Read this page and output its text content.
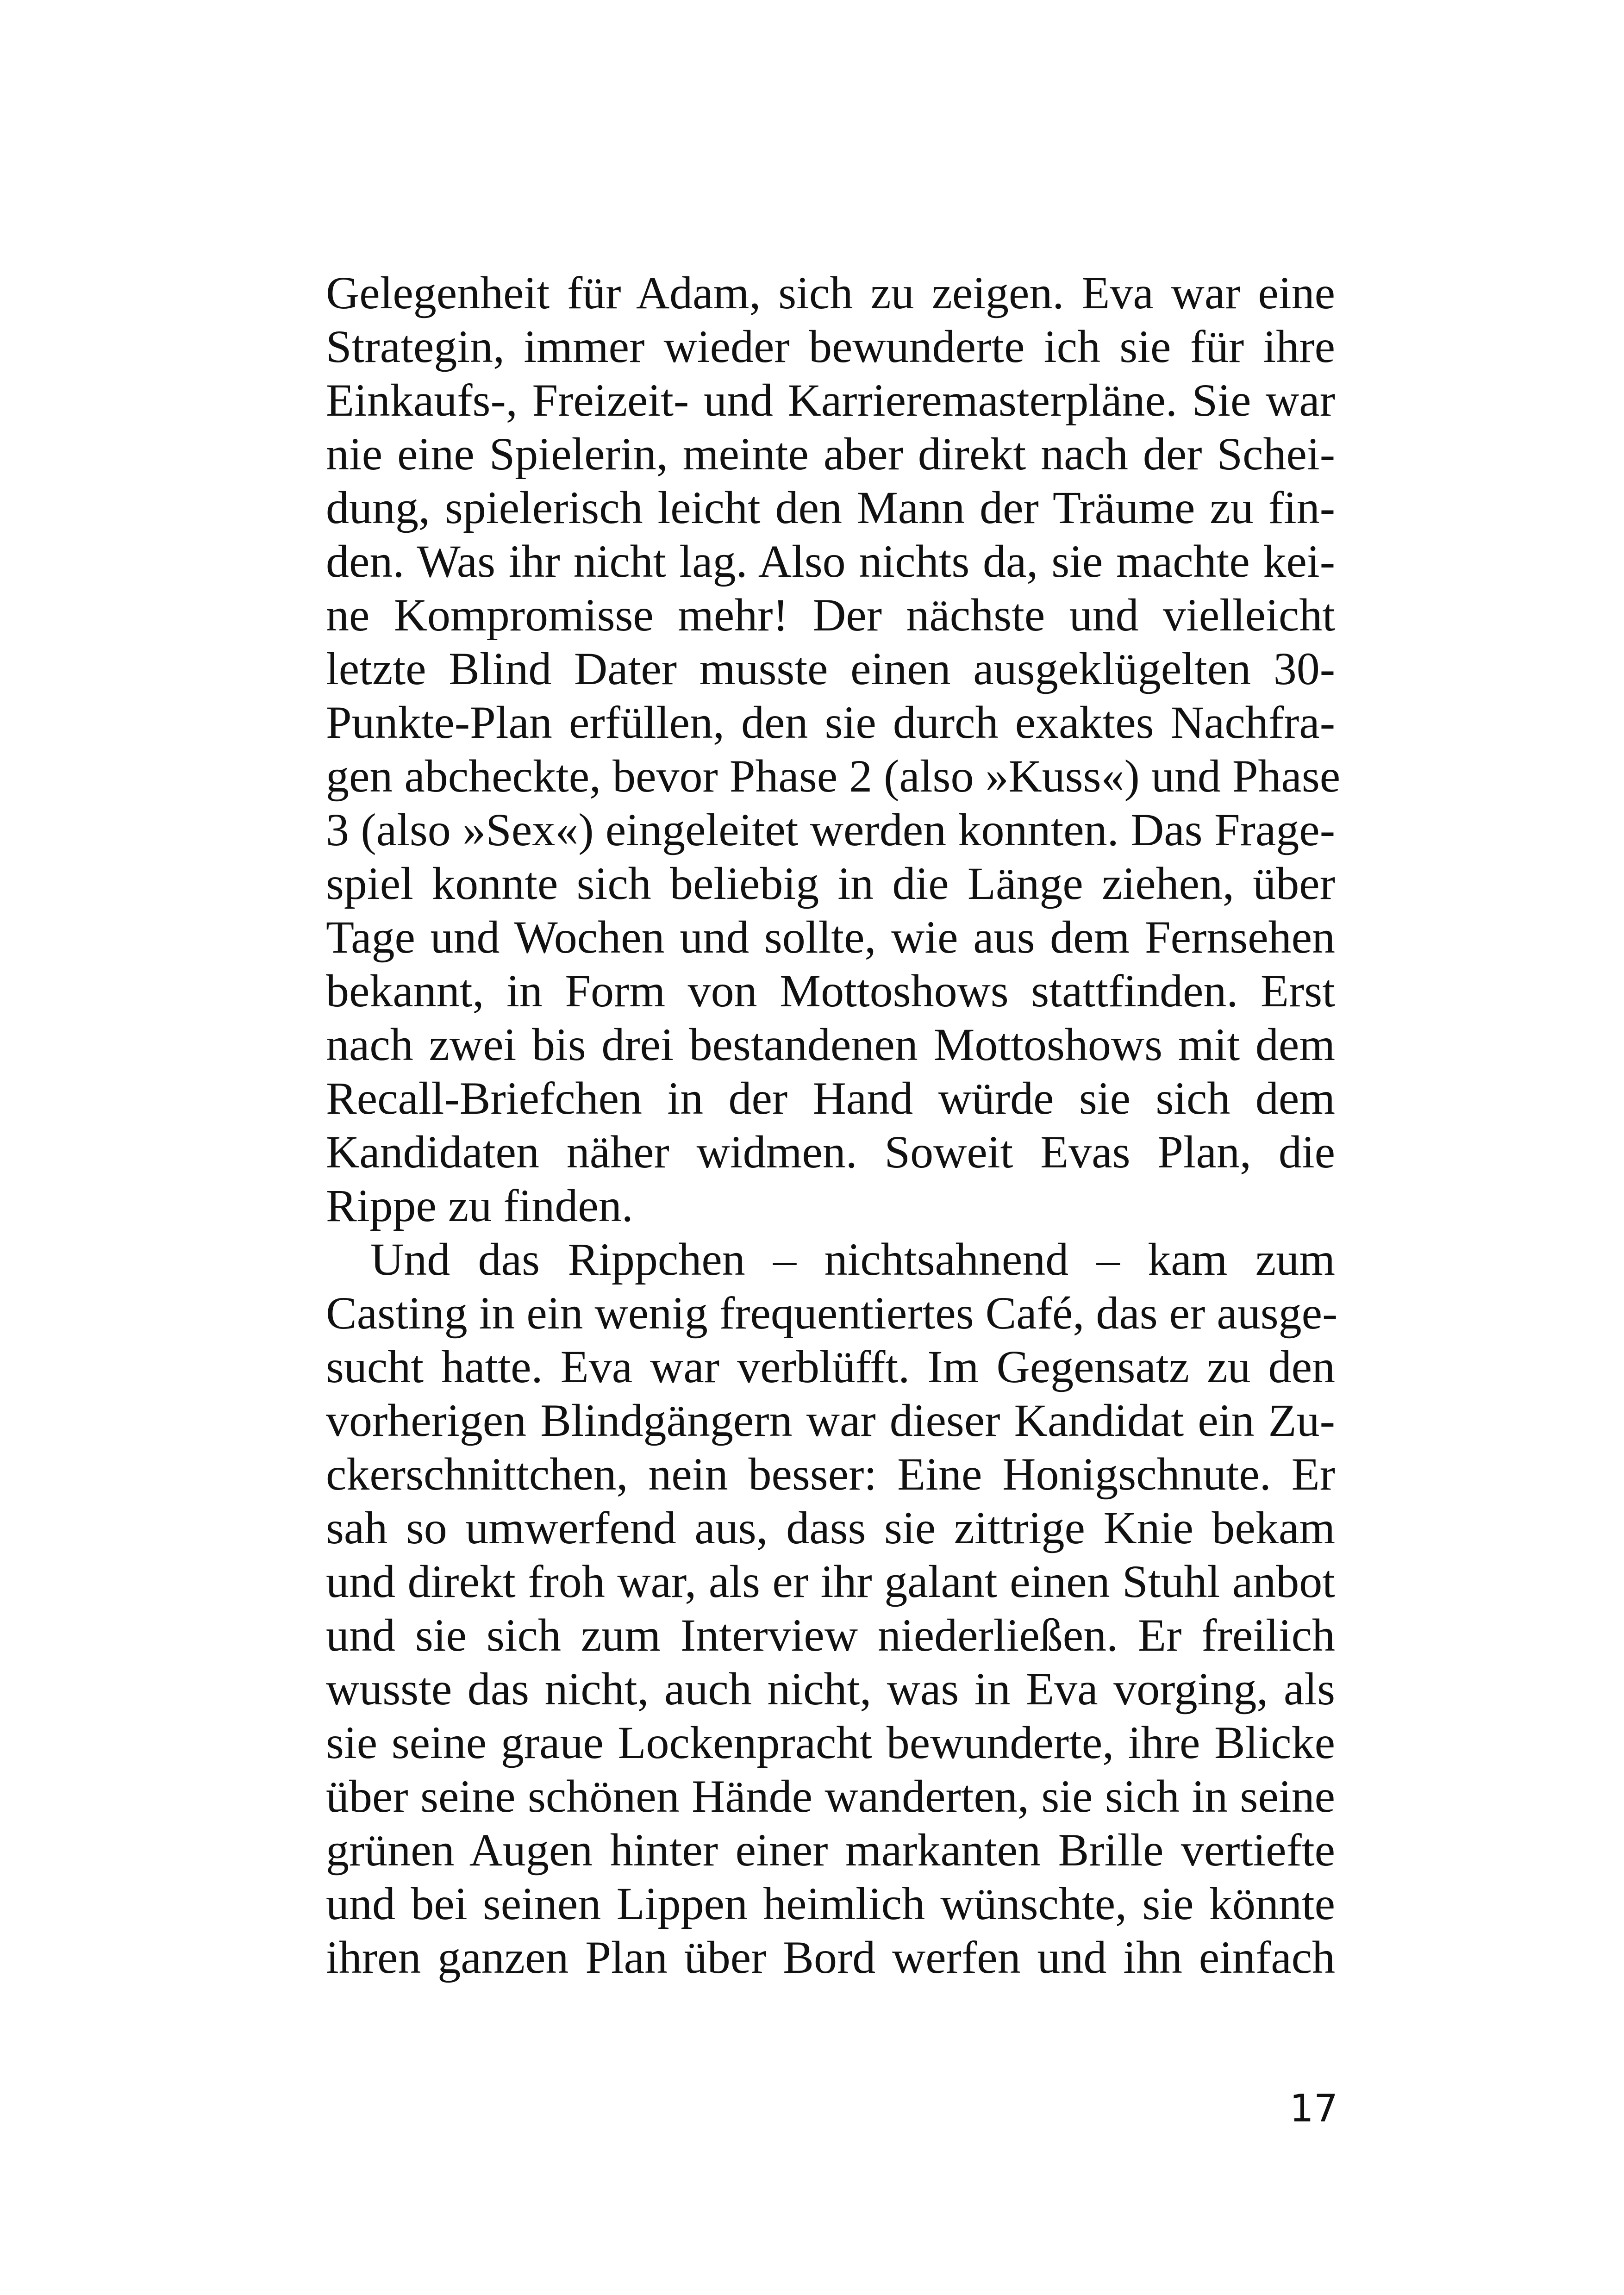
Gelegenheit für Adam, sich zu zeigen. Eva war eine
Strategin, immer wieder bewunderte ich sie für ihre
Einkaufs-, Freizeit- und Karrieremasterpläne. Sie war
nie eine Spielerin, meinte aber direkt nach der Schei-
dung, spielerisch leicht den Mann der Träume zu fin-
den. Was ihr nicht lag. Also nichts da, sie machte kei-
ne Kompromisse mehr! Der nächste und vielleicht
letzte Blind Dater musste einen ausgeklügelten 30-
Punkte-Plan erfüllen, den sie durch exaktes Nachfra-
gen abcheckte, bevor Phase 2 (also »Kuss«) und Phase
3 (also »Sex«) eingeleitet werden konnten. Das Frage-
spiel konnte sich beliebig in die Länge ziehen, über
Tage und Wochen und sollte, wie aus dem Fernsehen
bekannt, in Form von Mottoshows stattfinden. Erst
nach zwei bis drei bestandenen Mottoshows mit dem
Recall-Briefchen in der Hand würde sie sich dem
Kandidaten näher widmen. Soweit Evas Plan, die
Rippe zu finden.
Und das Rippchen – nichtsahnend – kam zum
Casting in ein wenig frequentiertes Café, das er ausge-
sucht hatte. Eva war verblüfft. Im Gegensatz zu den
vorherigen Blindgängern war dieser Kandidat ein Zu-
ckerschnittchen, nein besser: Eine Honigschnute. Er
sah so umwerfend aus, dass sie zittrige Knie bekam
und direkt froh war, als er ihr galant einen Stuhl anbot
und sie sich zum Interview niederließen. Er freilich
wusste das nicht, auch nicht, was in Eva vorging, als
sie seine graue Lockenpracht bewunderte, ihre Blicke
über seine schönen Hände wanderten, sie sich in seine
grünen Augen hinter einer markanten Brille vertiefte
und bei seinen Lippen heimlich wünschte, sie könnte
ihren ganzen Plan über Bord werfen und ihn einfach
17
